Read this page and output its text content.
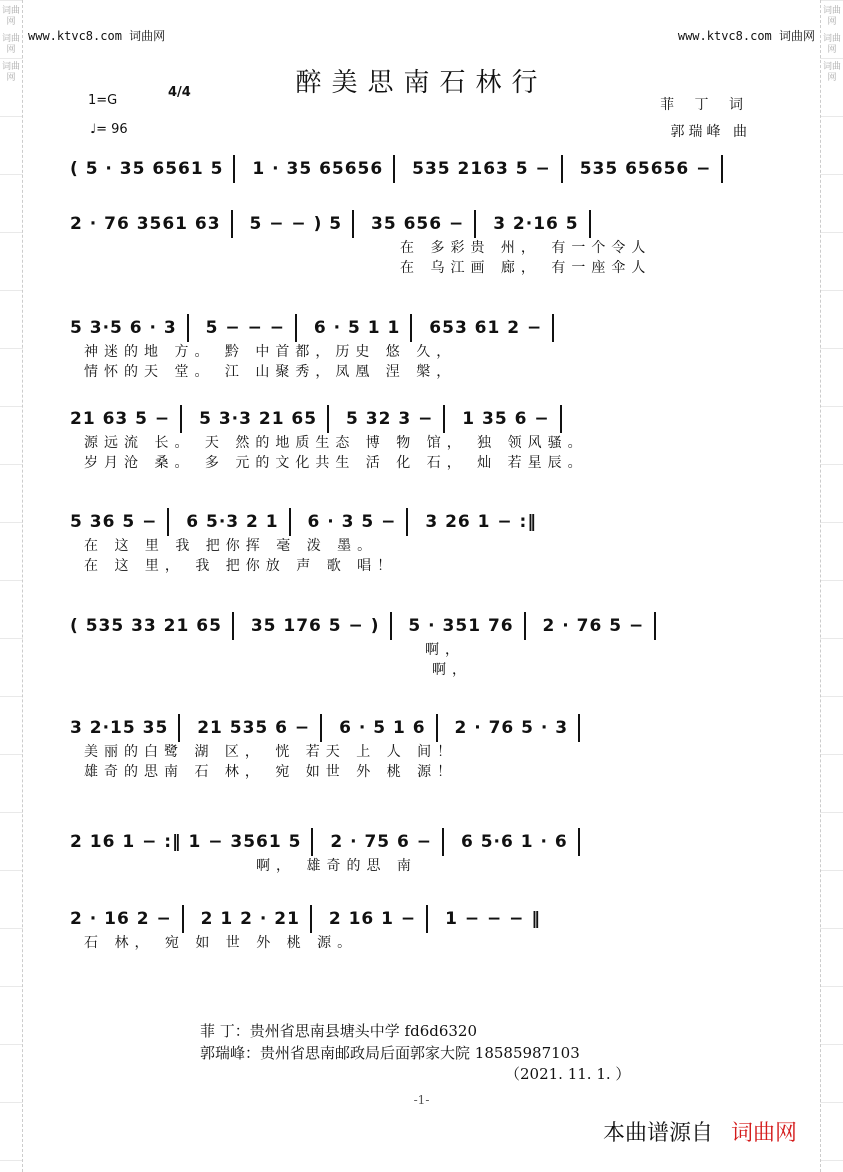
词曲网
词曲网
词曲网
词曲网
词曲网
词曲网
www.ktvc8.com 词曲网	www.ktvc8.com 词曲网
醉美思南石林行
1=G
4/4
♩= 96
菲 丁 词
郭瑞峰 曲
( 5 · 35 6561 5 1 · 35 65656 535 2163 5 − 535 65656 −
2 · 76 3561 63 5 − − ) 5 35 656 − 3 2·16 5
在 多彩贵 州， 有一个令人
在 乌江画 廊， 有一座伞人
5 3·5 6 · 3 5 − − − 6 · 5 1 1 653 61 2 −
神迷的地 方。 黔 中首都，历史 悠 久，
情怀的天 堂。 江 山聚秀，凤凰 涅 槃，
21 63 5 − 5 3·3 21 65 5 32 3 − 1 35 6 −
源远流 长。 天 然的地质生态 博 物 馆， 独 领风骚。
岁月沧 桑。 多 元的文化共生 活 化 石， 灿 若星辰。
5 36 5 − 6 5·3 2 1 6 · 3 5 − 3 26 1 − :‖
在 这 里 我 把你挥 毫 泼 墨。
在 这 里， 我 把你放 声 歌 唱！
( 535 33 21 65 35 176 5 − ) 5 · 351 76 2 · 76 5 −
啊，
啊，
3 2·15 35 21 535 6 − 6 · 5 1 6 2 · 76 5 · 3
美丽的白鹭 湖 区， 恍 若天 上 人 间！
雄奇的思南 石 林， 宛 如世 外 桃 源！
2 16 1 − :‖ 1 − 3561 5 2 · 75 6 − 6 5·6 1 · 6
啊， 雄奇的思 南
2 · 16 2 − 2 1 2 · 21 2 16 1 − 1 − − − ‖
石 林， 宛 如 世 外 桃 源。
菲 丁：贵州省思南县塘头中学 fd6d6320
郭瑞峰：贵州省思南邮政局后面郭家大院 18585987103
（2021. 11. 1. ）
-1-
本曲谱源自 词曲网
